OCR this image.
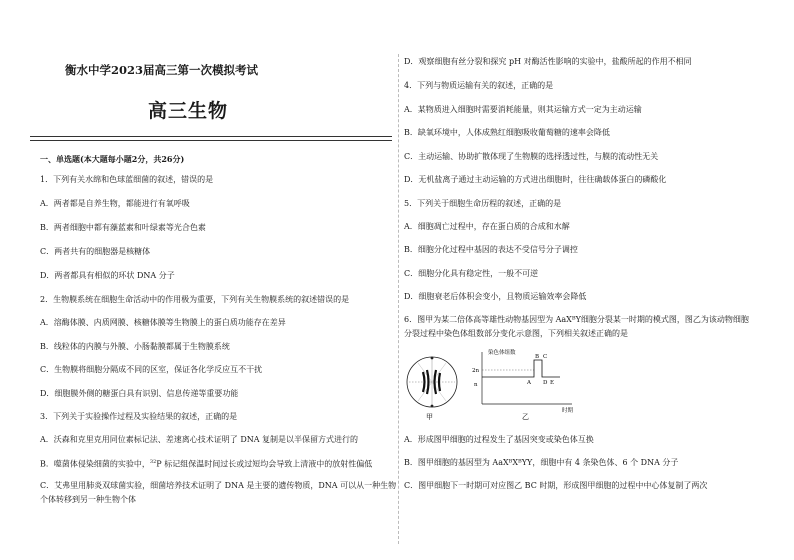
衡水中学2023届高三第一次模拟考试
高三生物
一、单选题(本大题每小题2分，共26分)
1．下列有关水绵和色球蓝细菌的叙述，错误的是
A．两者都是自养生物，都能进行有氧呼吸
B．两者细胞中都有藻蓝素和叶绿素等光合色素
C．两者共有的细胞器是核糖体
D．两者都具有相似的环状 DNA 分子
2．生物膜系统在细胞生命活动中的作用极为重要，下列有关生物膜系统的叙述错误的是
A．溶酶体膜、内质网膜、核糖体膜等生物膜上的蛋白质功能存在差异
B．线粒体的内膜与外膜、小肠黏膜都属于生物膜系统
C．生物膜将细胞分隔成不同的区室，保证各化学反应互不干扰
D．细胞膜外侧的糖蛋白具有识别、信息传递等重要功能
3．下列关于实验操作过程及实验结果的叙述，正确的是
A．沃森和克里克用同位素标记法、差速离心技术证明了 DNA 复制是以半保留方式进行的
B．噬菌体侵染细菌的实验中，$^{32}$P 标记组保温时间过长或过短均会导致上清液中的放射性偏低
C．艾弗里用肺炎双球菌实验，细菌培养技术证明了 DNA 是主要的遗传物质，DNA 可以从一种生物
个体转移到另一种生物个体
D．观察细胞有丝分裂和探究 pH 对酶活性影响的实验中，盐酸所起的作用不相同
4．下列与物质运输有关的叙述，正确的是
A．某物质进入细胞时需要消耗能量，则其运输方式一定为主动运输
B．缺氧环境中，人体成熟红细胞吸收葡萄糖的速率会降低
C．主动运输、协助扩散体现了生物膜的选择透过性，与膜的流动性无关
D．无机盐离子通过主动运输的方式进出细胞时，往往确载体蛋白的磷酸化
5．下列关于细胞生命历程的叙述，正确的是
A．细胞凋亡过程中，存在蛋白质的合成和水解
B．细胞分化过程中基因的表达不受信号分子调控
C．细胞分化具有稳定性，一般不可逆
D．细胞衰老后体积会变小，且物质运输效率会降低
6．图甲为某二倍体高等雄性动物基因型为 AaXᴮY细胞分裂某一时期的模式图，图乙为该动物细胞
分裂过程中染色体组数部分变化示意图，下列相关叙述正确的是
甲
染色体组数
2n
n	A
B C
D E
时期
乙
A．形成图甲细胞的过程发生了基因突变或染色体互换
B．图甲细胞的基因型为 AaXᴮXᴮYY，细胞中有 4 条染色体、6 个 DNA 分子
C．图甲细胞下一时期可对应图乙 BC 时期，形成图甲细胞的过程中中心体复制了两次
